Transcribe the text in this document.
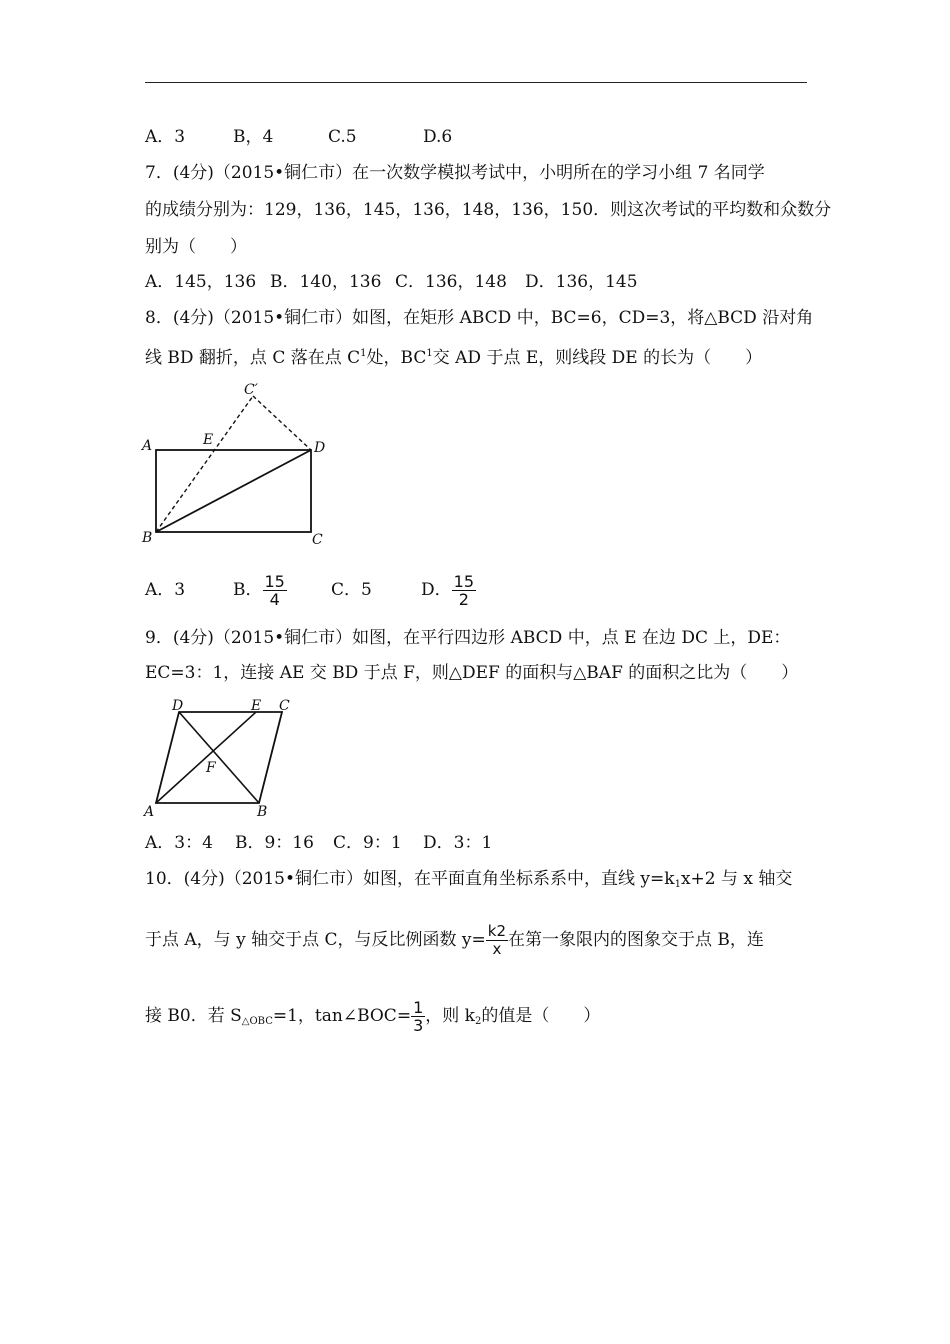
A．3	B，4	C.5	D.6
7．(4分)（2015•铜仁市）在一次数学模拟考试中，小明所在的学习小组 7 名同学
的成绩分别为：129，136，145，136，148，136，150．则这次考试的平均数和众数分
别为（　　）
A．145，136 B．140，136 C．136，148 D．136，145
8．(4分)（2015•铜仁市）如图，在矩形 ABCD 中，BC=6，CD=3，将△BCD 沿对角
线 BD 翻折，点 C 落在点 $C^1$处，$BC^1$交 AD 于点 E，则线段 DE 的长为（　　）
A
B	C
D
E
C′
A．3	B． $\frac{15}{4}$	C．5	D． $\frac{15}{2}$
9．(4分)（2015•铜仁市）如图，在平行四边形 ABCD 中，点 E 在边 DC 上，DE：
EC=3：1，连接 AE 交 BD 于点 F，则△DEF 的面积与△BAF 的面积之比为（　　）
A	B
C
D	E
F
A．3：4 B．9：16 C．9：1 D．3：1
10．(4分)（2015•铜仁市）如图，在平面直角坐标系系中，直线 $y=k_1x+2$ 与 x 轴交
于点 A，与 y 轴交于点 C，与反比例函数 $y= \frac{k2}{x}$ 在第一象限内的图象交于点 B，连
接 B0．若 $S_{\triangle OBC}=1$，tan∠BOC= $\frac{1}{3}$ ，则 $k_2$的值是（　　）
